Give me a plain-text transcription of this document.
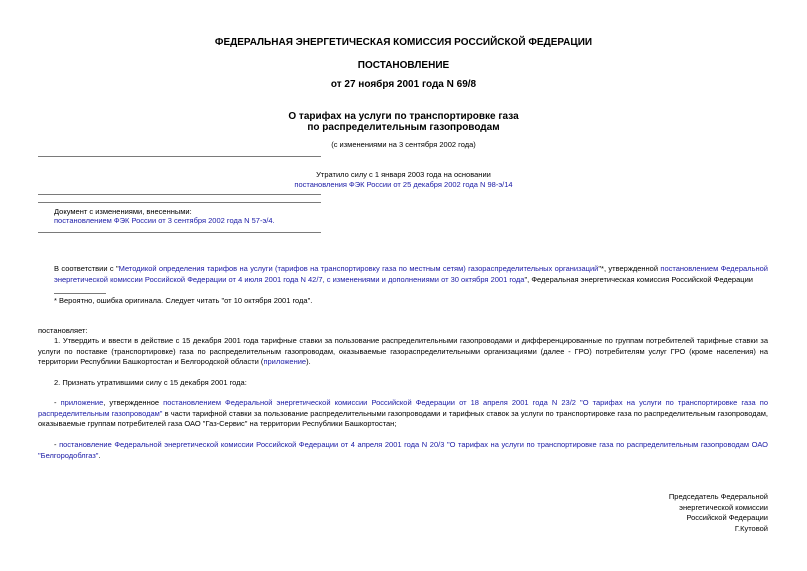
ФЕДЕРАЛЬНАЯ ЭНЕРГЕТИЧЕСКАЯ КОМИССИЯ РОССИЙСКОЙ ФЕДЕРАЦИИ
ПОСТАНОВЛЕНИЕ
от 27 ноября 2001 года N 69/8
О тарифах на услуги по транспортировке газа
по распределительным газопроводам
(с изменениями на 3 сентября 2002 года)
Утратило силу с 1 января 2003 года на основании
постановления ФЭК России от 25 декабря 2002 года N 98-э/14
Документ с изменениями, внесенными:
постановлением ФЭК России от 3 сентября 2002 года N 57-э/4.
В соответствии с "Методикой определения тарифов на услуги (тарифов на транспортировку газа по местным сетям) газораспределительных организаций"*, утвержденной постановлением Федеральной энергетической комиссии Российской Федерации от 4 июля 2001 года N 42/7, с изменениями и дополнениями от 30 октября 2001 года", Федеральная энергетическая комиссия Российской Федерации
* Вероятно, ошибка оригинала. Следует читать "от 10 октября 2001 года".
постановляет:
1. Утвердить и ввести в действие с 15 декабря 2001 года тарифные ставки за пользование распределительными газопроводами и дифференцированные по группам потребителей тарифные ставки за услуги по поставке (транспортировке) газа по распределительным газопроводам, оказываемые газораспределительными организациями (далее - ГРО) потребителям услуг ГРО (кроме населения) на территории Республики Башкортостан и Белгородской области (приложение).
2. Признать утратившими силу с 15 декабря 2001 года:
- приложение, утвержденное постановлением Федеральной энергетической комиссии Российской Федерации от 18 апреля 2001 года N 23/2 "О тарифах на услуги по транспортировке газа по распределительным газопроводам" в части тарифной ставки за пользование распределительными газопроводами и тарифных ставок за услуги по транспортировке газа по распределительным газопроводам, оказываемые группам потребителей газа ОАО "Газ-Сервис" на территории Республики Башкортостан;
- постановление Федеральной энергетической комиссии Российской Федерации от 4 апреля 2001 года N 20/3 "О тарифах на услуги по транспортировке газа по распределительным газопроводам ОАО "Белгородоблгаз".
Председатель Федеральной
энергетической комиссии
Российской Федерации
Г.Кутовой
